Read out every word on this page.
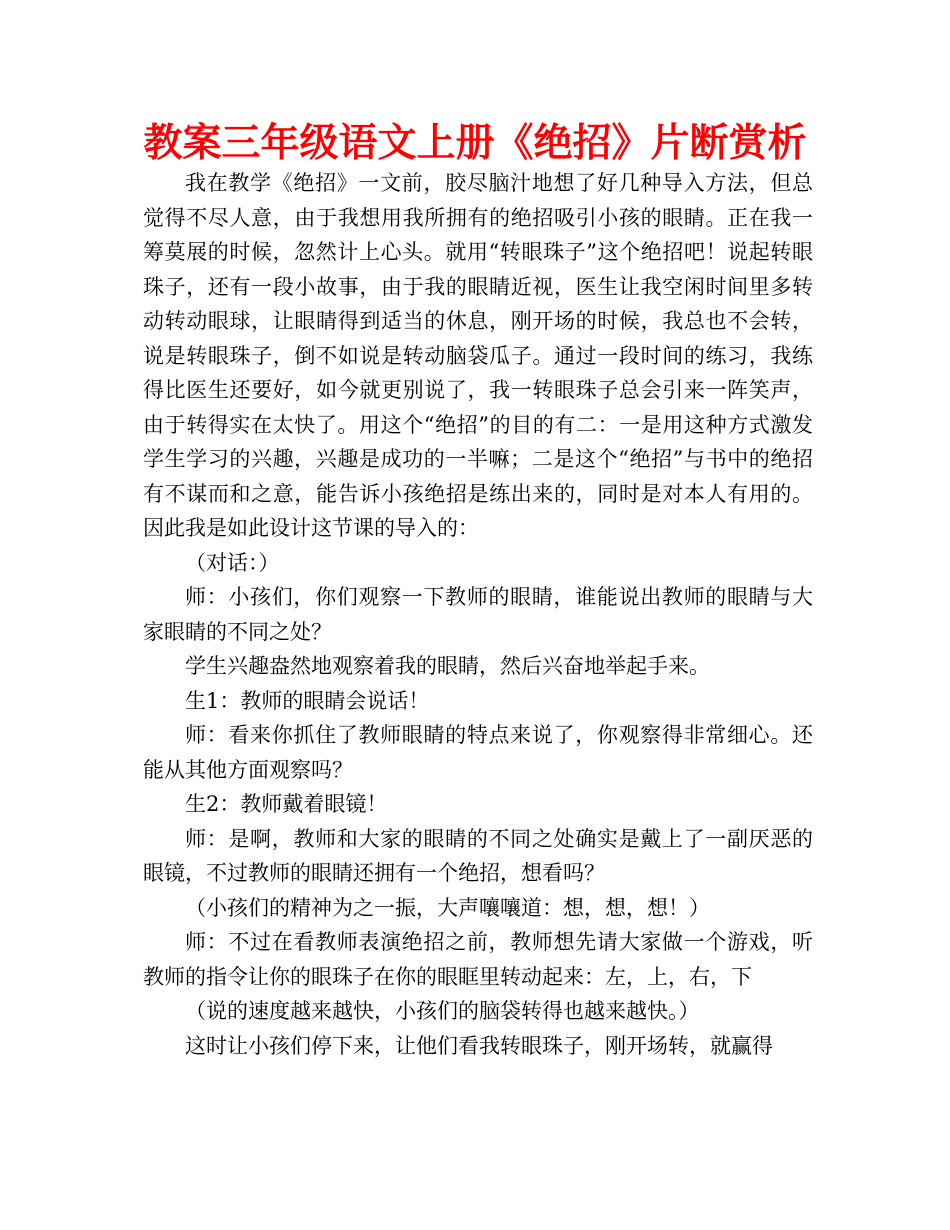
教案三年级语文上册《绝招》片断赏析

我在教学《绝招》一文前，胶尽脑汁地想了好几种导入方法，但总觉得不尽人意，由于我想用我所拥有的绝招吸引小孩的眼睛。正在我一筹莫展的时候，忽然计上心头。就用“转眼珠子”这个绝招吧！说起转眼珠子，还有一段小故事，由于我的眼睛近视，医生让我空闲时间里多转动转动眼球，让眼睛得到适当的休息，刚开场的时候，我总也不会转，说是转眼珠子，倒不如说是转动脑袋瓜子。通过一段时间的练习，我练得比医生还要好，如今就更别说了，我一转眼珠子总会引来一阵笑声，由于转得实在太快了。用这个“绝招”的目的有二：一是用这种方式激发学生学习的兴趣，兴趣是成功的一半嘛；二是这个“绝招”与书中的绝招有不谋而和之意，能告诉小孩绝招是练出来的，同时是对本人有用的。因此我是如此设计这节课的导入的：

（对话：）

师：小孩们，你们观察一下教师的眼睛，谁能说出教师的眼睛与大家眼睛的不同之处？

学生兴趣盎然地观察着我的眼睛，然后兴奋地举起手来。

生1：教师的眼睛会说话！

师：看来你抓住了教师眼睛的特点来说了，你观察得非常细心。还能从其他方面观察吗？

生2：教师戴着眼镜！

师：是啊，教师和大家的眼睛的不同之处确实是戴上了一副厌恶的眼镜，不过教师的眼睛还拥有一个绝招，想看吗？

（小孩们的精神为之一振，大声嚷嚷道：想，想，想！）

师：不过在看教师表演绝招之前，教师想先请大家做一个游戏，听教师的指令让你的眼珠子在你的眼眶里转动起来：左，上，右，下

（说的速度越来越快，小孩们的脑袋转得也越来越快。）

这时让小孩们停下来，让他们看我转眼珠子，刚开场转，就赢得
